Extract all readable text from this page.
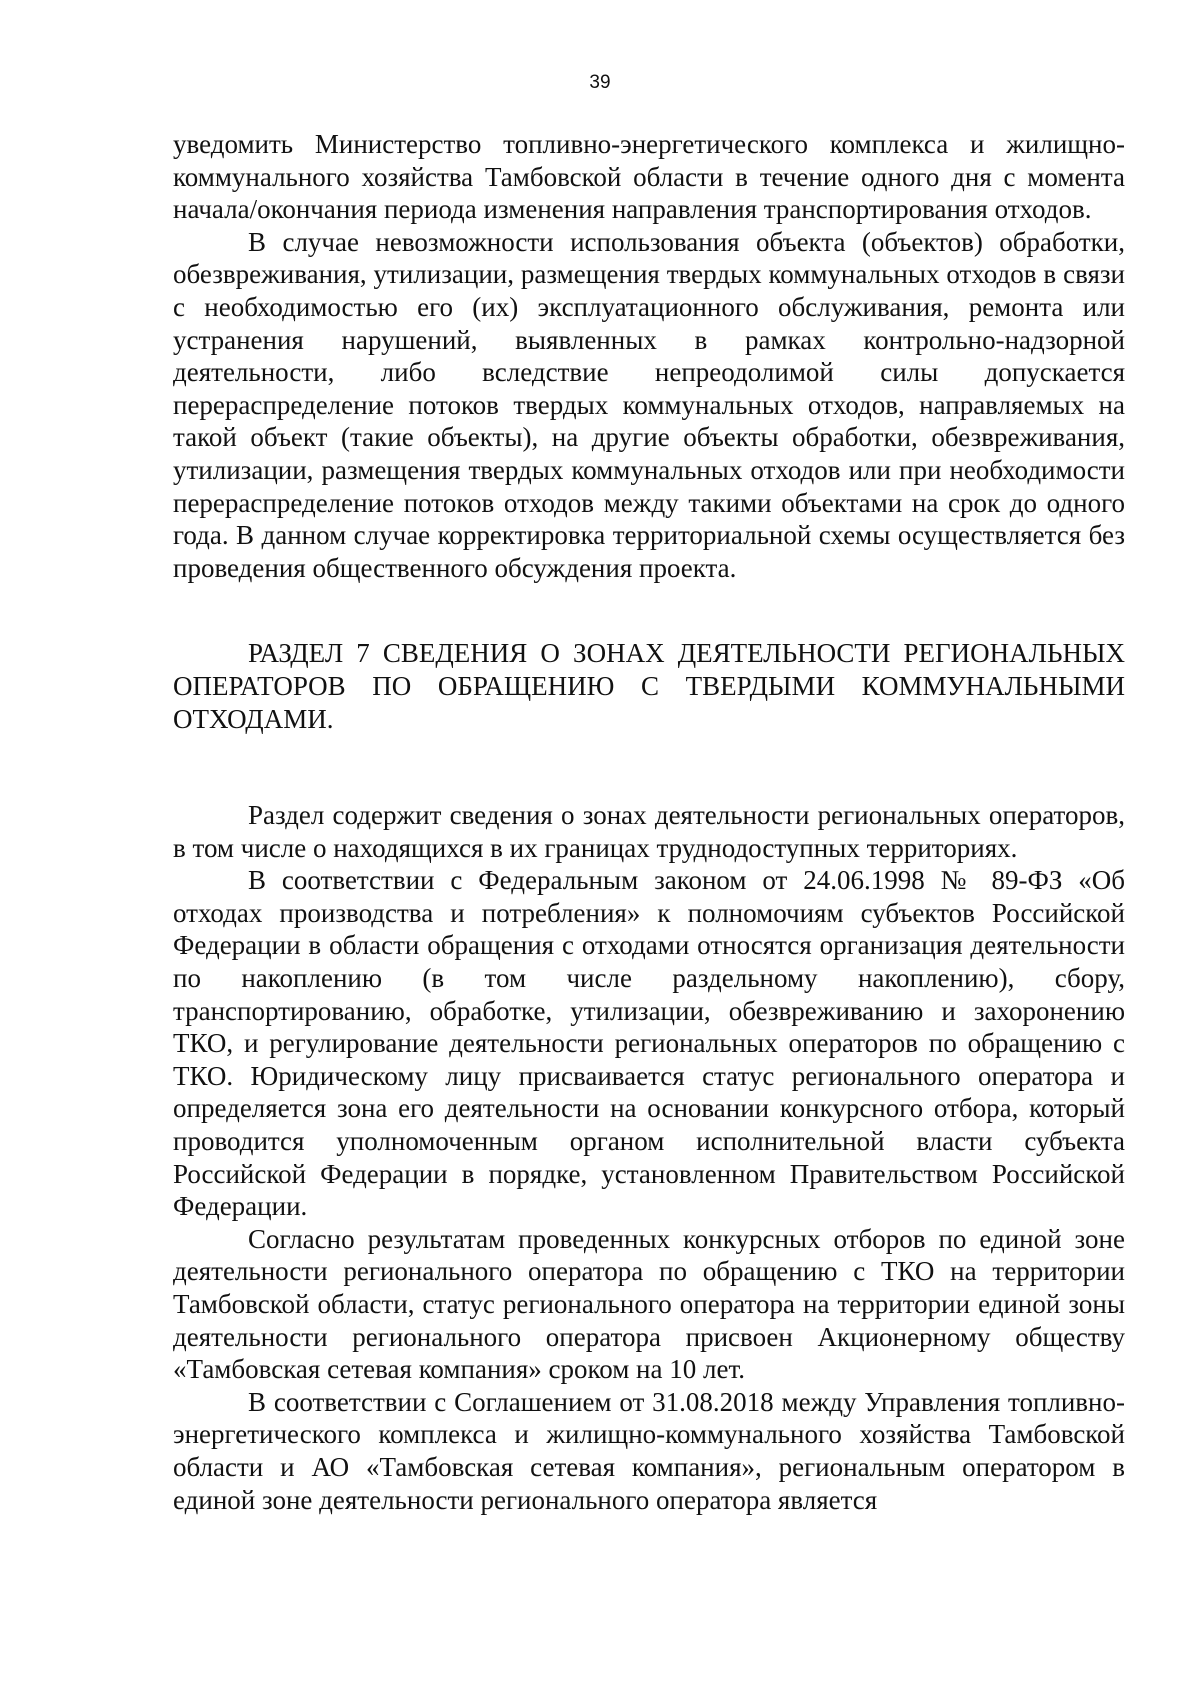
39

уведомить Министерство топливно-энергетического комплекса и жилищно-коммунального хозяйства Тамбовской области в течение одного дня с момента начала/окончания периода изменения направления транспортирования отходов.

В случае невозможности использования объекта (объектов) обработки, обезвреживания, утилизации, размещения твердых коммунальных отходов в связи с необходимостью его (их) эксплуатационного обслуживания, ремонта или устранения нарушений, выявленных в рамках контрольно-надзорной деятельности, либо вследствие непреодолимой силы допускается перераспределение потоков твердых коммунальных отходов, направляемых на такой объект (такие объекты), на другие объекты обработки, обезвреживания, утилизации, размещения твердых коммунальных отходов или при необходимости перераспределение потоков отходов между такими объектами на срок до одного года. В данном случае корректировка территориальной схемы осуществляется без проведения общественного обсуждения проекта.

РАЗДЕЛ 7 СВЕДЕНИЯ О ЗОНАХ ДЕЯТЕЛЬНОСТИ РЕГИОНАЛЬНЫХ ОПЕРАТОРОВ ПО ОБРАЩЕНИЮ С ТВЕРДЫМИ КОММУНАЛЬНЫМИ ОТХОДАМИ.

Раздел содержит сведения о зонах деятельности региональных операторов, в том числе о находящихся в их границах труднодоступных территориях.

В соответствии с Федеральным законом от 24.06.1998 № 89-ФЗ «Об отходах производства и потребления» к полномочиям субъектов Российской Федерации в области обращения с отходами относятся организация деятельности по накоплению (в том числе раздельному накоплению), сбору, транспортированию, обработке, утилизации, обезвреживанию и захоронению ТКО, и регулирование деятельности региональных операторов по обращению с ТКО. Юридическому лицу присваивается статус регионального оператора и определяется зона его деятельности на основании конкурсного отбора, который проводится уполномоченным органом исполнительной власти субъекта Российской Федерации в порядке, установленном Правительством Российской Федерации.

Согласно результатам проведенных конкурсных отборов по единой зоне деятельности регионального оператора по обращению с ТКО на территории Тамбовской области, статус регионального оператора на территории единой зоны деятельности регионального оператора присвоен Акционерному обществу «Тамбовская сетевая компания» сроком на 10 лет.

В соответствии с Соглашением от 31.08.2018 между Управления топливно-энергетического комплекса и жилищно-коммунального хозяйства Тамбовской области и АО «Тамбовская сетевая компания», региональным оператором в единой зоне деятельности регионального оператора является
